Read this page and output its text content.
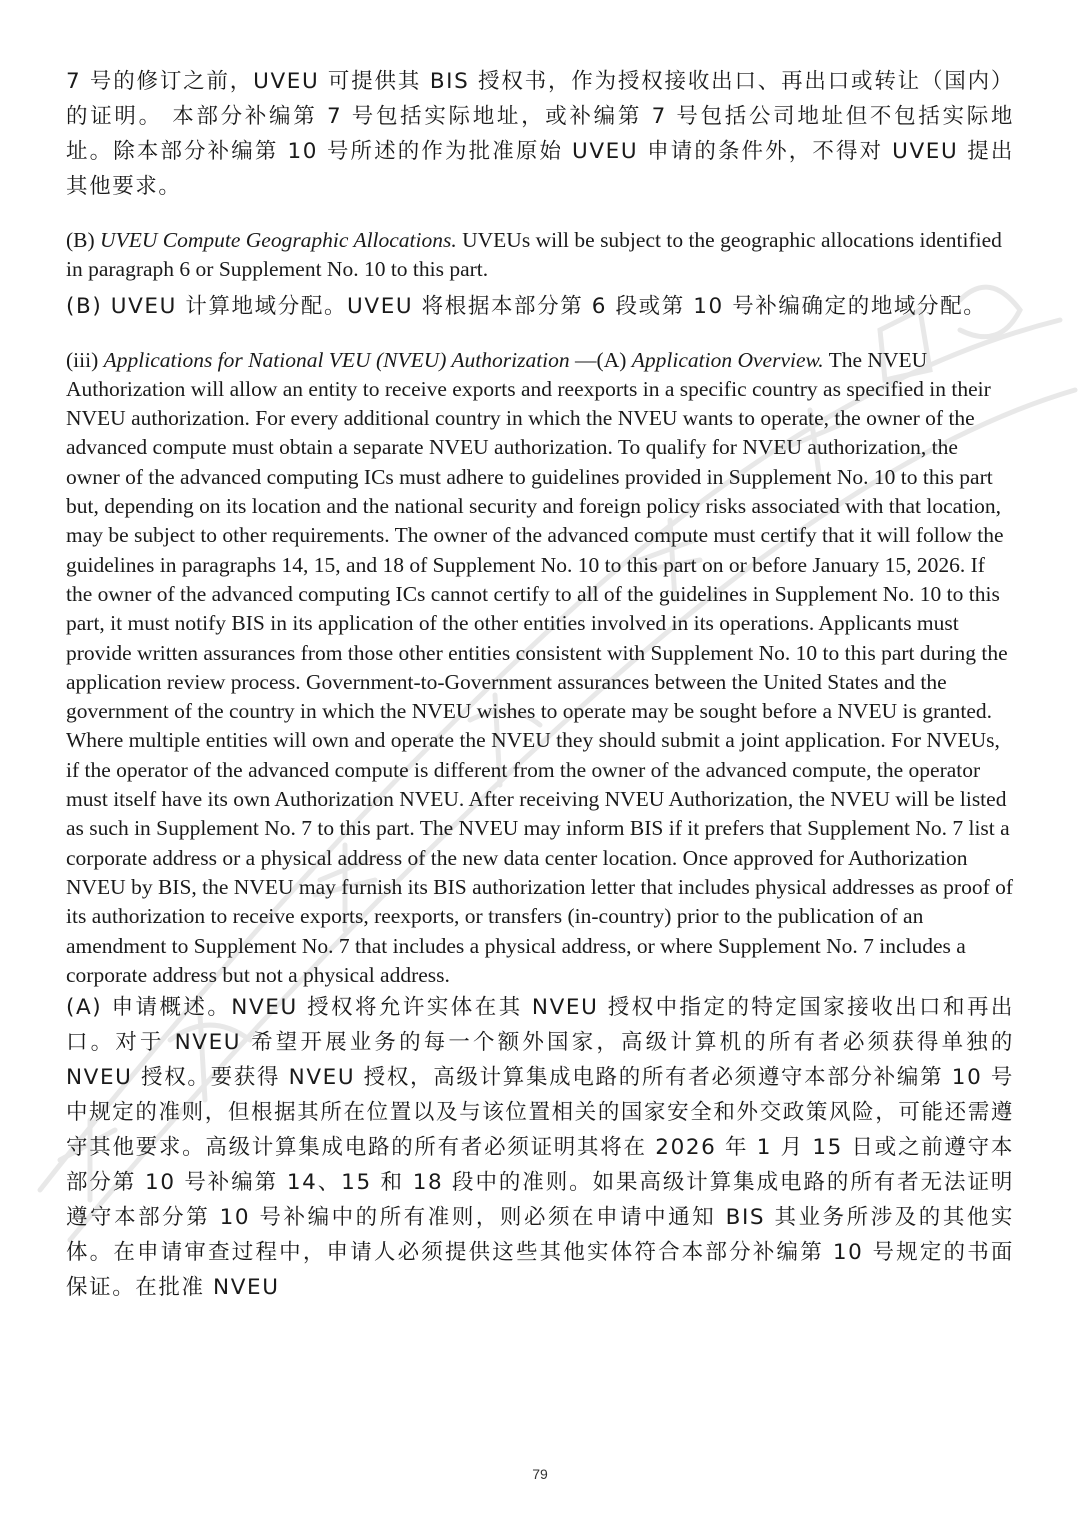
7 号的修订之前，UVEU 可提供其 BIS 授权书，作为授权接收出口、再出口或转让（国内）的证明。 本部分补编第 7 号包括实际地址，或补编第 7 号包括公司地址但不包括实际地址。除本部分补编第 10 号所述的作为批准原始 UVEU 申请的条件外，不得对 UVEU 提出其他要求。

(B) UVEU Compute Geographic Allocations. UVEUs will be subject to the geographic allocations identified in paragraph 6 or Supplement No. 10 to this part.

(B) UVEU 计算地域分配。UVEU 将根据本部分第 6 段或第 10 号补编确定的地域分配。

(iii) Applications for National VEU (NVEU) Authorization —(A) Application Overview. The NVEU Authorization will allow an entity to receive exports and reexports in a specific country as specified in their NVEU authorization. For every additional country in which the NVEU wants to operate, the owner of the advanced compute must obtain a separate NVEU authorization. To qualify for NVEU authorization, the owner of the advanced computing ICs must adhere to guidelines provided in Supplement No. 10 to this part but, depending on its location and the national security and foreign policy risks associated with that location, may be subject to other requirements. The owner of the advanced compute must certify that it will follow the guidelines in paragraphs 14, 15, and 18 of Supplement No. 10 to this part on or before January 15, 2026. If the owner of the advanced computing ICs cannot certify to all of the guidelines in Supplement No. 10 to this part, it must notify BIS in its application of the other entities involved in its operations. Applicants must provide written assurances from those other entities consistent with Supplement No. 10 to this part during the application review process. Government-to-Government assurances between the United States and the government of the country in which the NVEU wishes to operate may be sought before a NVEU is granted. Where multiple entities will own and operate the NVEU they should submit a joint application. For NVEUs, if the operator of the advanced compute is different from the owner of the advanced compute, the operator must itself have its own Authorization NVEU. After receiving NVEU Authorization, the NVEU will be listed as such in Supplement No. 7 to this part. The NVEU may inform BIS if it prefers that Supplement No. 7 list a corporate address or a physical address of the new data center location. Once approved for Authorization NVEU by BIS, the NVEU may furnish its BIS authorization letter that includes physical addresses as proof of its authorization to receive exports, reexports, or transfers (in-country) prior to the publication of an amendment to Supplement No. 7 that includes a physical address, or where Supplement No. 7 includes a corporate address but not a physical address.

(A) 申请概述。NVEU 授权将允许实体在其 NVEU 授权中指定的特定国家接收出口和再出口。对于 NVEU 希望开展业务的每一个额外国家，高级计算机的所有者必须获得单独的 NVEU 授权。要获得 NVEU 授权，高级计算集成电路的所有者必须遵守本部分补编第 10 号中规定的准则，但根据其所在位置以及与该位置相关的国家安全和外交政策风险，可能还需遵守其他要求。高级计算集成电路的所有者必须证明其将在 2026 年 1 月 15 日或之前遵守本部分第 10 号补编第 14、15 和 18 段中的准则。如果高级计算集成电路的所有者无法证明遵守本部分第 10 号补编中的所有准则，则必须在申请中通知 BIS 其业务所涉及的其他实体。在申请审查过程中，申请人必须提供这些其他实体符合本部分补编第 10 号规定的书面保证。在批准 NVEU

79
